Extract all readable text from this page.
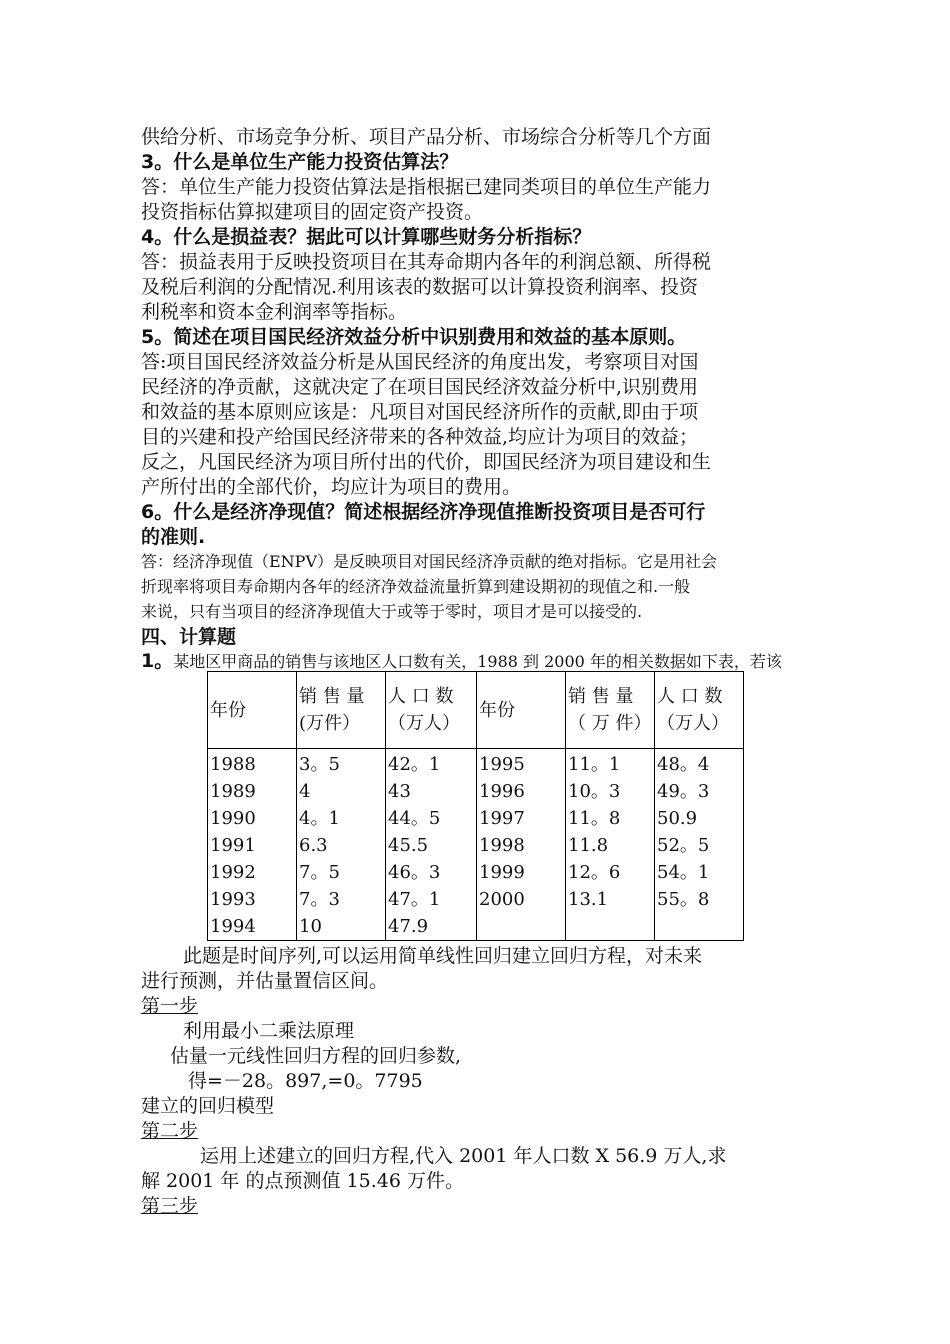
供给分析、市场竞争分析、项目产品分析、市场综合分析等几个方面
3。什么是单位生产能力投资估算法？
答：单位生产能力投资估算法是指根据已建同类项目的单位生产能力
投资指标估算拟建项目的固定资产投资。
4。什么是损益表？据此可以计算哪些财务分析指标？
答：损益表用于反映投资项目在其寿命期内各年的利润总额、所得税
及税后利润的分配情况.利用该表的数据可以计算投资利润率、投资
利税率和资本金利润率等指标。
5。简述在项目国民经济效益分析中识别费用和效益的基本原则。
答:项目国民经济效益分析是从国民经济的角度出发，考察项目对国
民经济的净贡献，这就决定了在项目国民经济效益分析中,识别费用
和效益的基本原则应该是：凡项目对国民经济所作的贡献,即由于项
目的兴建和投产给国民经济带来的各种效益,均应计为项目的效益；
反之，凡国民经济为项目所付出的代价，即国民经济为项目建设和生
产所付出的全部代价，均应计为项目的费用。
6。什么是经济净现值？简述根据经济净现值推断投资项目是否可行
的准则.
答：经济净现值（ENPV）是反映项目对国民经济净贡献的绝对指标。它是用社会
折现率将项目寿命期内各年的经济净效益流量折算到建设期初的现值之和.一般
来说，只有当项目的经济净现值大于或等于零时，项目才是可以接受的.
四、计算题
1。某地区甲商品的销售与该地区人口数有关，1988 到 2000 年的相关数据如下表，若该
年份	销 售 量 (万件）	人 口 数 （万人）	年份	销 售 量 （ 万 件）	人 口 数 （万人）

1988	3。5	42。1	1995	11。1	48。4
1989	4	43	1996	10。3	49。3
1990	4。1	44。5	1997	11。8	50.9
1991	6.3	45.5	1998	11.8	52。5
1992	7。5	46。3	1999	12。6	54。1
1993	7。3	47。1	2000	13.1	55。8
1994	10	47.9			
此题是时间序列,可以运用简单线性回归建立回归方程，对未来
进行预测，并估量置信区间。
第一步
利用最小二乘法原理
估量一元线性回归方程的回归参数,
得=－28。897,=0。7795
建立的回归模型
第二步
运用上述建立的回归方程,代入 2001 年人口数 X 56.9 万人,求
解 2001 年 的点预测值 15.46 万件。
第三步
